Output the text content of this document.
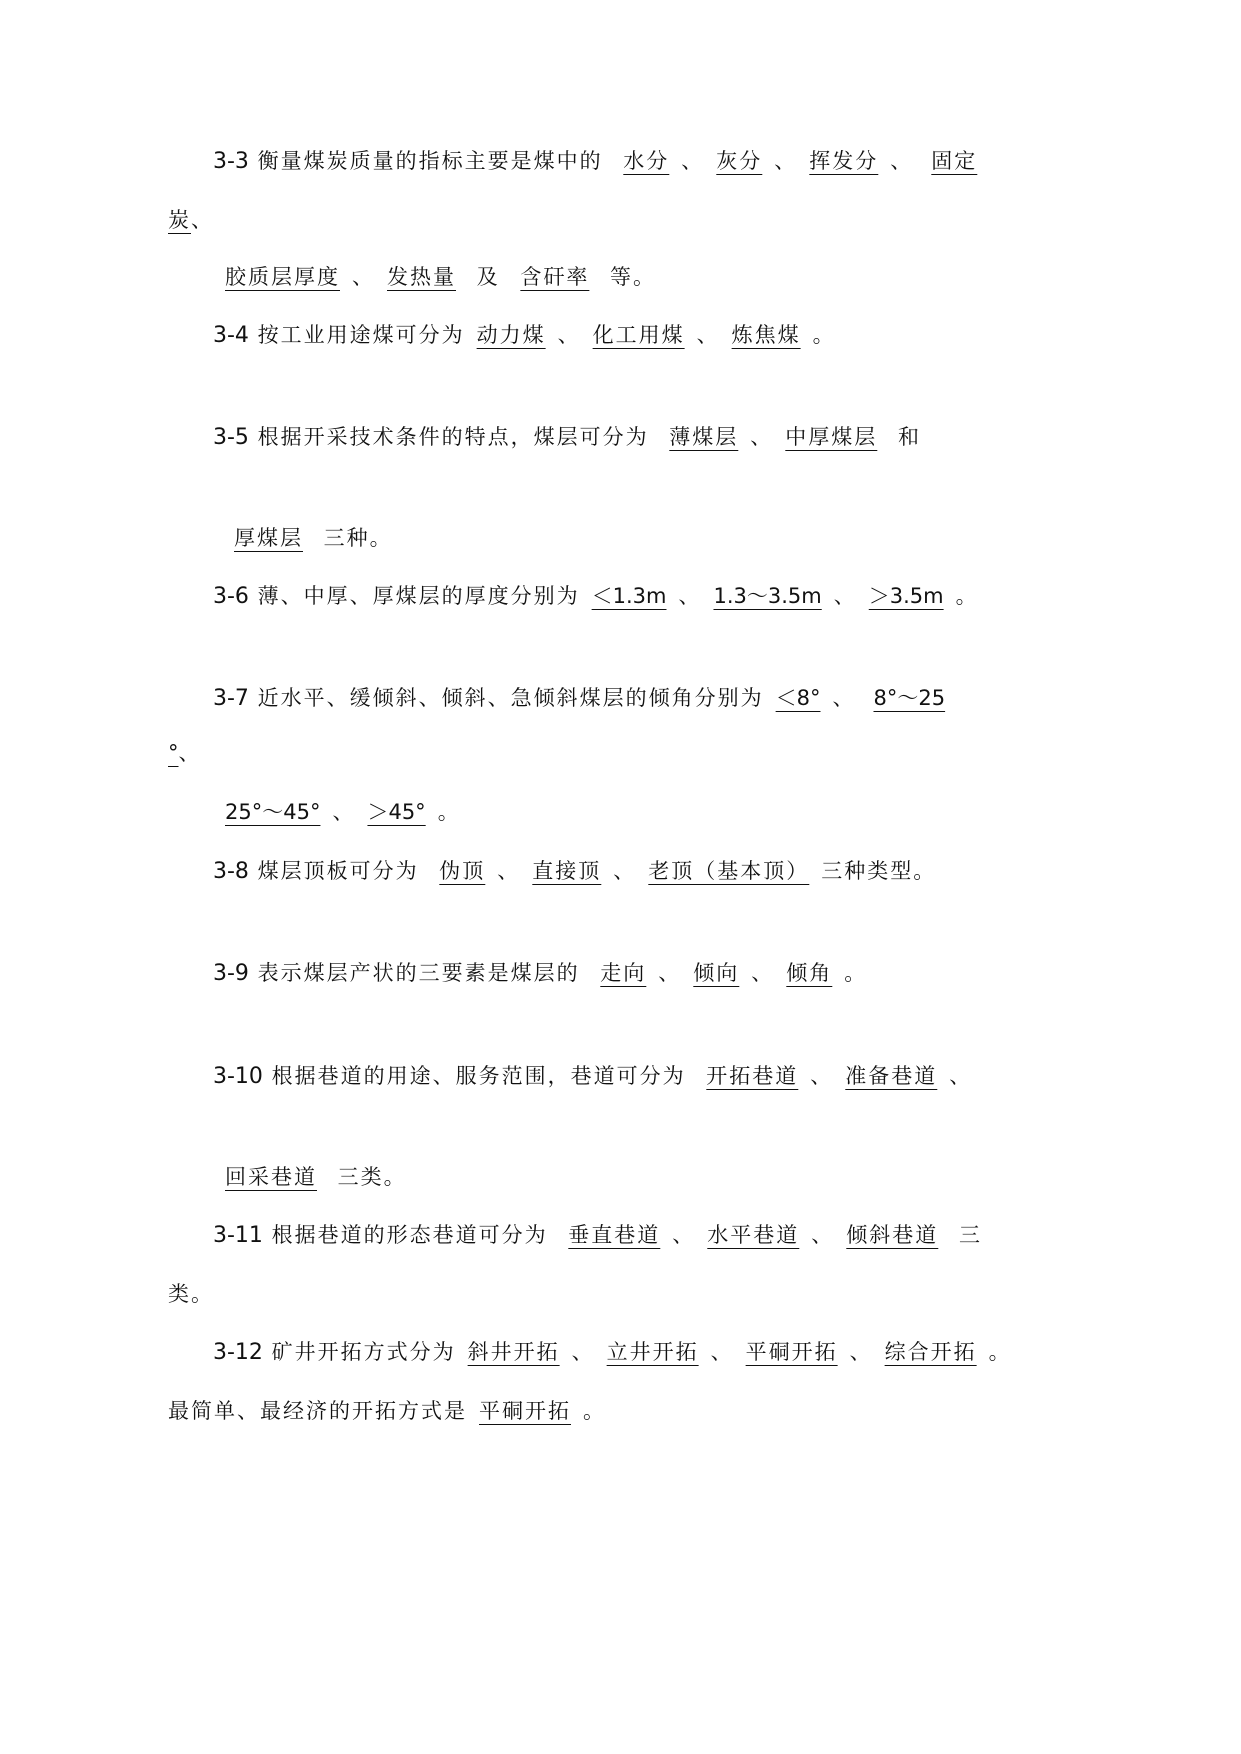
3-3 衡量煤炭质量的指标主要是煤中的 水分 、 灰分 、 挥发分 、 固定
炭、
胶质层厚度 、 发热量 及 含矸率 等。
3-4 按工业用途煤可分为 动力煤 、 化工用煤 、 炼焦煤 。
3-5 根据开采技术条件的特点，煤层可分为 薄煤层 、 中厚煤层 和
厚煤层 三种。
3-6 薄、中厚、厚煤层的厚度分别为 ＜1.3m 、 1.3～3.5m 、 ＞3.5m 。
3-7 近水平、缓倾斜、倾斜、急倾斜煤层的倾角分别为 ＜8° 、 8°～25
°、
25°～45° 、 ＞45° 。
3-8 煤层顶板可分为 伪顶 、 直接顶 、 老顶（基本顶） 三种类型。
3-9 表示煤层产状的三要素是煤层的 走向 、 倾向 、 倾角 。
3-10 根据巷道的用途、服务范围，巷道可分为 开拓巷道 、 准备巷道 、
回采巷道 三类。
3-11 根据巷道的形态巷道可分为 垂直巷道 、 水平巷道 、 倾斜巷道 三
类。
3-12 矿井开拓方式分为 斜井开拓 、 立井开拓 、 平硐开拓 、 综合开拓 。
最简单、最经济的开拓方式是 平硐开拓 。
